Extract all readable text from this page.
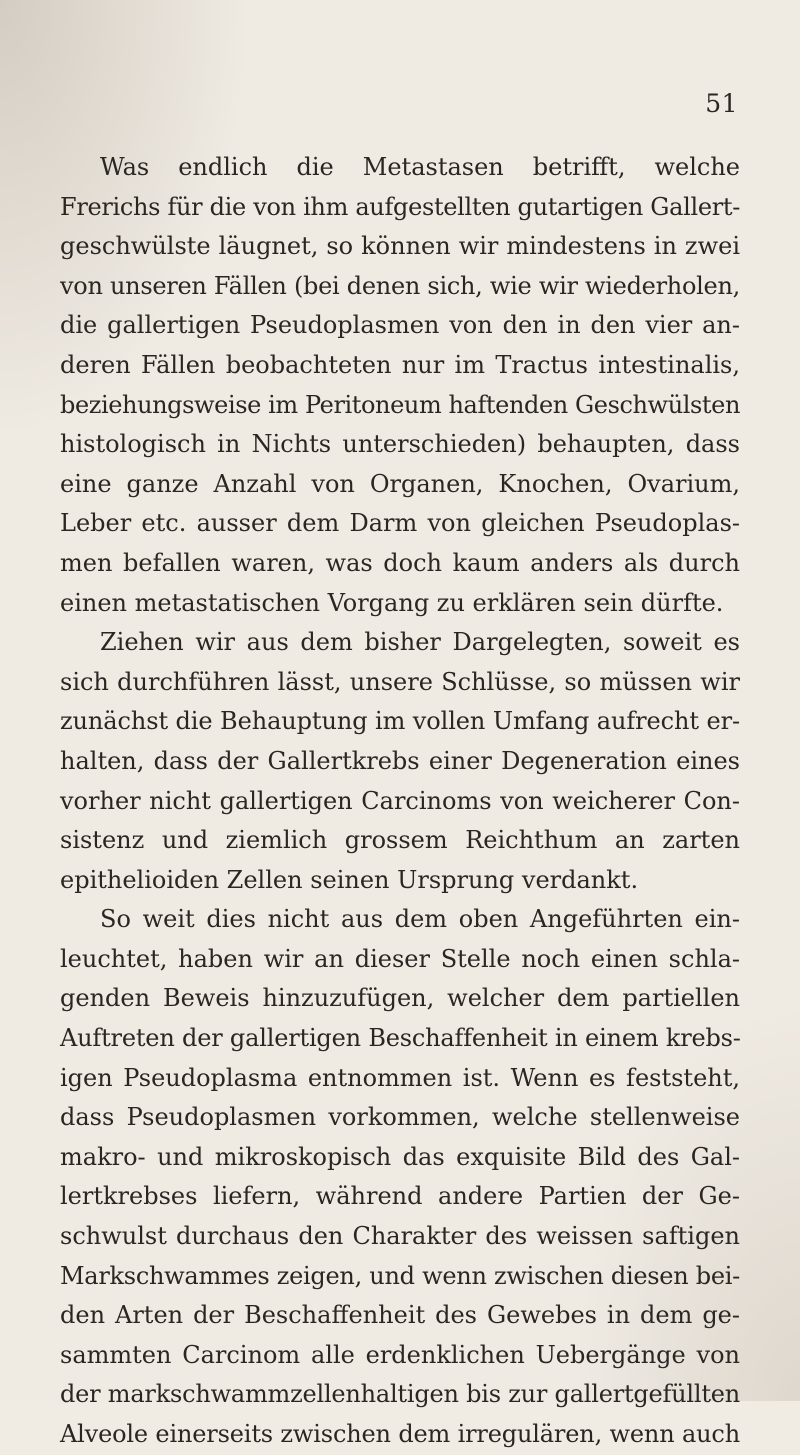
51
Was endlich die Metastasen betrifft, welche
Frerichs für die von ihm aufgestellten gutartigen Gallert-
geschwülste läugnet, so können wir mindestens in zwei
von unseren Fällen (bei denen sich, wie wir wiederholen,
die gallertigen Pseudoplasmen von den in den vier an-
deren Fällen beobachteten nur im Tractus intestinalis,
beziehungsweise im Peritoneum haftenden Geschwülsten
histologisch in Nichts unterschieden) behaupten, dass
eine ganze Anzahl von Organen, Knochen, Ovarium,
Leber etc. ausser dem Darm von gleichen Pseudoplas-
men befallen waren, was doch kaum anders als durch
einen metastatischen Vorgang zu erklären sein dürfte.
Ziehen wir aus dem bisher Dargelegten, soweit es
sich durchführen lässt, unsere Schlüsse, so müssen wir
zunächst die Behauptung im vollen Umfang aufrecht er-
halten, dass der Gallertkrebs einer Degeneration eines
vorher nicht gallertigen Carcinoms von weicherer Con-
sistenz und ziemlich grossem Reichthum an zarten
epithelioiden Zellen seinen Ursprung verdankt.
So weit dies nicht aus dem oben Angeführten ein-
leuchtet, haben wir an dieser Stelle noch einen schla-
genden Beweis hinzuzufügen, welcher dem partiellen
Auftreten der gallertigen Beschaffenheit in einem krebs-
igen Pseudoplasma entnommen ist. Wenn es feststeht,
dass Pseudoplasmen vorkommen, welche stellenweise
makro- und mikroskopisch das exquisite Bild des Gal-
lertkrebses liefern, während andere Partien der Ge-
schwulst durchaus den Charakter des weissen saftigen
Markschwammes zeigen, und wenn zwischen diesen bei-
den Arten der Beschaffenheit des Gewebes in dem ge-
sammten Carcinom alle erdenklichen Uebergänge von
der markschwammzellenhaltigen bis zur gallertgefüllten
Alveole einerseits zwischen dem irregulären, wenn auch
